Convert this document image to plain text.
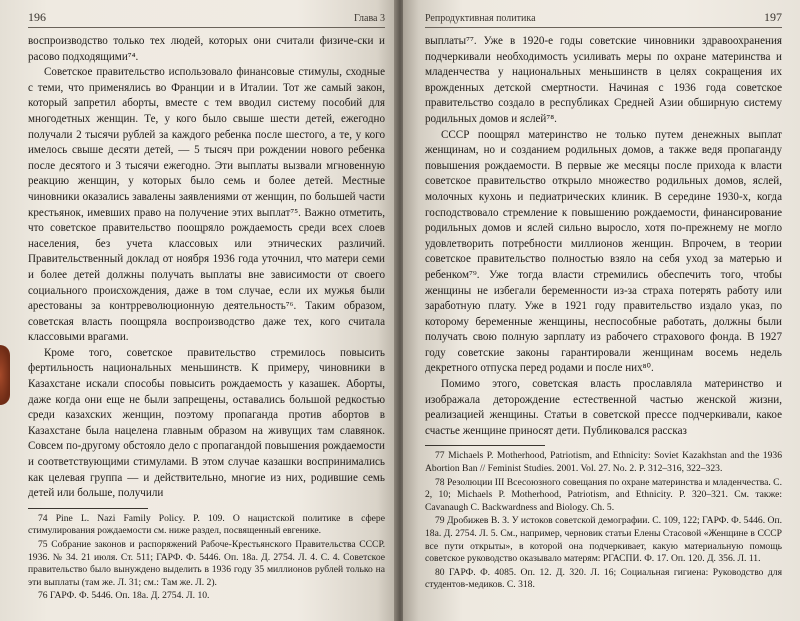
196	Глава 3

воспроизводство только тех людей, которых они считали физиче-ски и расово подходящими⁷⁴.

Советское правительство использовало финансовые стимулы, сходные с теми, что применялись во Франции и в Италии. Тот же самый закон, который запретил аборты, вместе с тем вводил систему пособий для многодетных женщин. Те, у кого было свыше шести детей, ежегодно получали 2 тысячи рублей за каждого ребенка после шестого, а те, у кого имелось свыше десяти детей, — 5 тысяч при рождении нового ребенка после десятого и 3 тысячи ежегодно. Эти выплаты вызвали мгновенную реакцию женщин, у которых было семь и более детей. Местные чиновники оказались завалены заявлениями от женщин, по большей части крестьянок, имевших право на получение этих выплат⁷⁵. Важно отметить, что советское правительство поощряло рождаемость среди всех слоев населения, без учета классовых или этнических различий. Правительственный доклад от ноября 1936 года уточнил, что матери семи и более детей должны получать выплаты вне зависимости от своего социального происхождения, даже в том случае, если их мужья были арестованы за контрреволюционную деятельность⁷⁶. Таким образом, советская власть поощряла воспроизводство даже тех, кого считала классовыми врагами.

Кроме того, советское правительство стремилось повысить фертильность национальных меньшинств. К примеру, чиновники в Казахстане искали способы повысить рождаемость у казашек. Аборты, даже когда они еще не были запрещены, оставались большой редкостью среди казахских женщин, поэтому пропаганда против абортов в Казахстане была нацелена главным образом на живущих там славянок. Совсем по-другому обстояло дело с пропагандой повышения рождаемости и соответствующими стимулами. В этом случае казашки воспринимались как целевая группа — и действительно, многие из них, родившие семь детей или больше, получили

74 Pine L. Nazi Family Policy. P. 109. О нацистской политике в сфере стимулирования рождаемости см. ниже раздел, посвященный евгенике.

75 Собрание законов и распоряжений Рабоче-Крестьянского Правительства СССР. 1936. № 34. 21 июля. Ст. 511; ГАРФ. Ф. 5446. Оп. 18а. Д. 2754. Л. 4. С. 4. Советское правительство было вынуждено выделить в 1936 году 35 миллионов рублей только на эти выплаты (там же. Л. 31; см.: Там же. Л. 2).

76 ГАРФ. Ф. 5446. Оп. 18а. Д. 2754. Л. 10.

Репродуктивная политика	197

выплаты⁷⁷. Уже в 1920-е годы советские чиновники здравоохранения подчеркивали необходимость усиливать меры по охране материнства и младенчества у национальных меньшинств в целях сокращения их врожденных детской смертности. Начиная с 1936 года советское правительство создало в республиках Средней Азии обширную систему родильных домов и яслей⁷⁸.

СССР поощрял материнство не только путем денежных выплат женщинам, но и созданием родильных домов, а также ведя пропаганду повышения рождаемости. В первые же месяцы после прихода к власти советское правительство открыло множество родильных домов, яслей, молочных кухонь и педиатрических клиник. В середине 1930-х, когда господствовало стремление к повышению рождаемости, финансирование родильных домов и яслей сильно выросло, хотя по-прежнему не могло удовлетворить потребности миллионов женщин. Впрочем, в теории советское правительство полностью взяло на себя уход за матерью и ребенком⁷⁹. Уже тогда власти стремились обеспечить того, чтобы женщины не избегали беременности из-за страха потерять работу или заработную плату. Уже в 1921 году правительство издало указ, по которому беременные женщины, неспособные работать, должны были получать свою полную зарплату из рабочего страхового фонда. В 1927 году советские законы гарантировали женщинам восемь недель декретного отпуска перед родами и после них⁸⁰.

Помимо этого, советская власть прославляла материнство и изображала деторождение естественной частью женской жизни, реализацией женщины. Статьи в советской прессе подчеркивали, какое счастье женщине приносят дети. Публиковался рассказ

77 Michaels P. Motherhood, Patriotism, and Ethnicity: Soviet Kazakhstan and the 1936 Abortion Ban // Feminist Studies. 2001. Vol. 27. No. 2. P. 312–316, 322–323.

78 Резолюции III Всесоюзного совещания по охране материнства и младенчества. С. 2, 10; Michaels P. Motherhood, Patriotism, and Ethnicity. P. 320–321. См. также: Cavanaugh C. Backwardness and Biology. Ch. 5.

79 Дробижев В. З. У истоков советской демографии. С. 109, 122; ГАРФ. Ф. 5446. Оп. 18а. Д. 2754. Л. 5. См., например, черновик статьи Елены Стасовой «Женщине в СССР все пути открыты», в которой она подчеркивает, какую материальную помощь советское руководство оказывало матерям: РГАСПИ. Ф. 17. Оп. 120. Д. 356. Л. 11.

80 ГАРФ. Ф. 4085. Оп. 12. Д. 320. Л. 16; Социальная гигиена: Руководство для студентов-медиков. С. 318.
